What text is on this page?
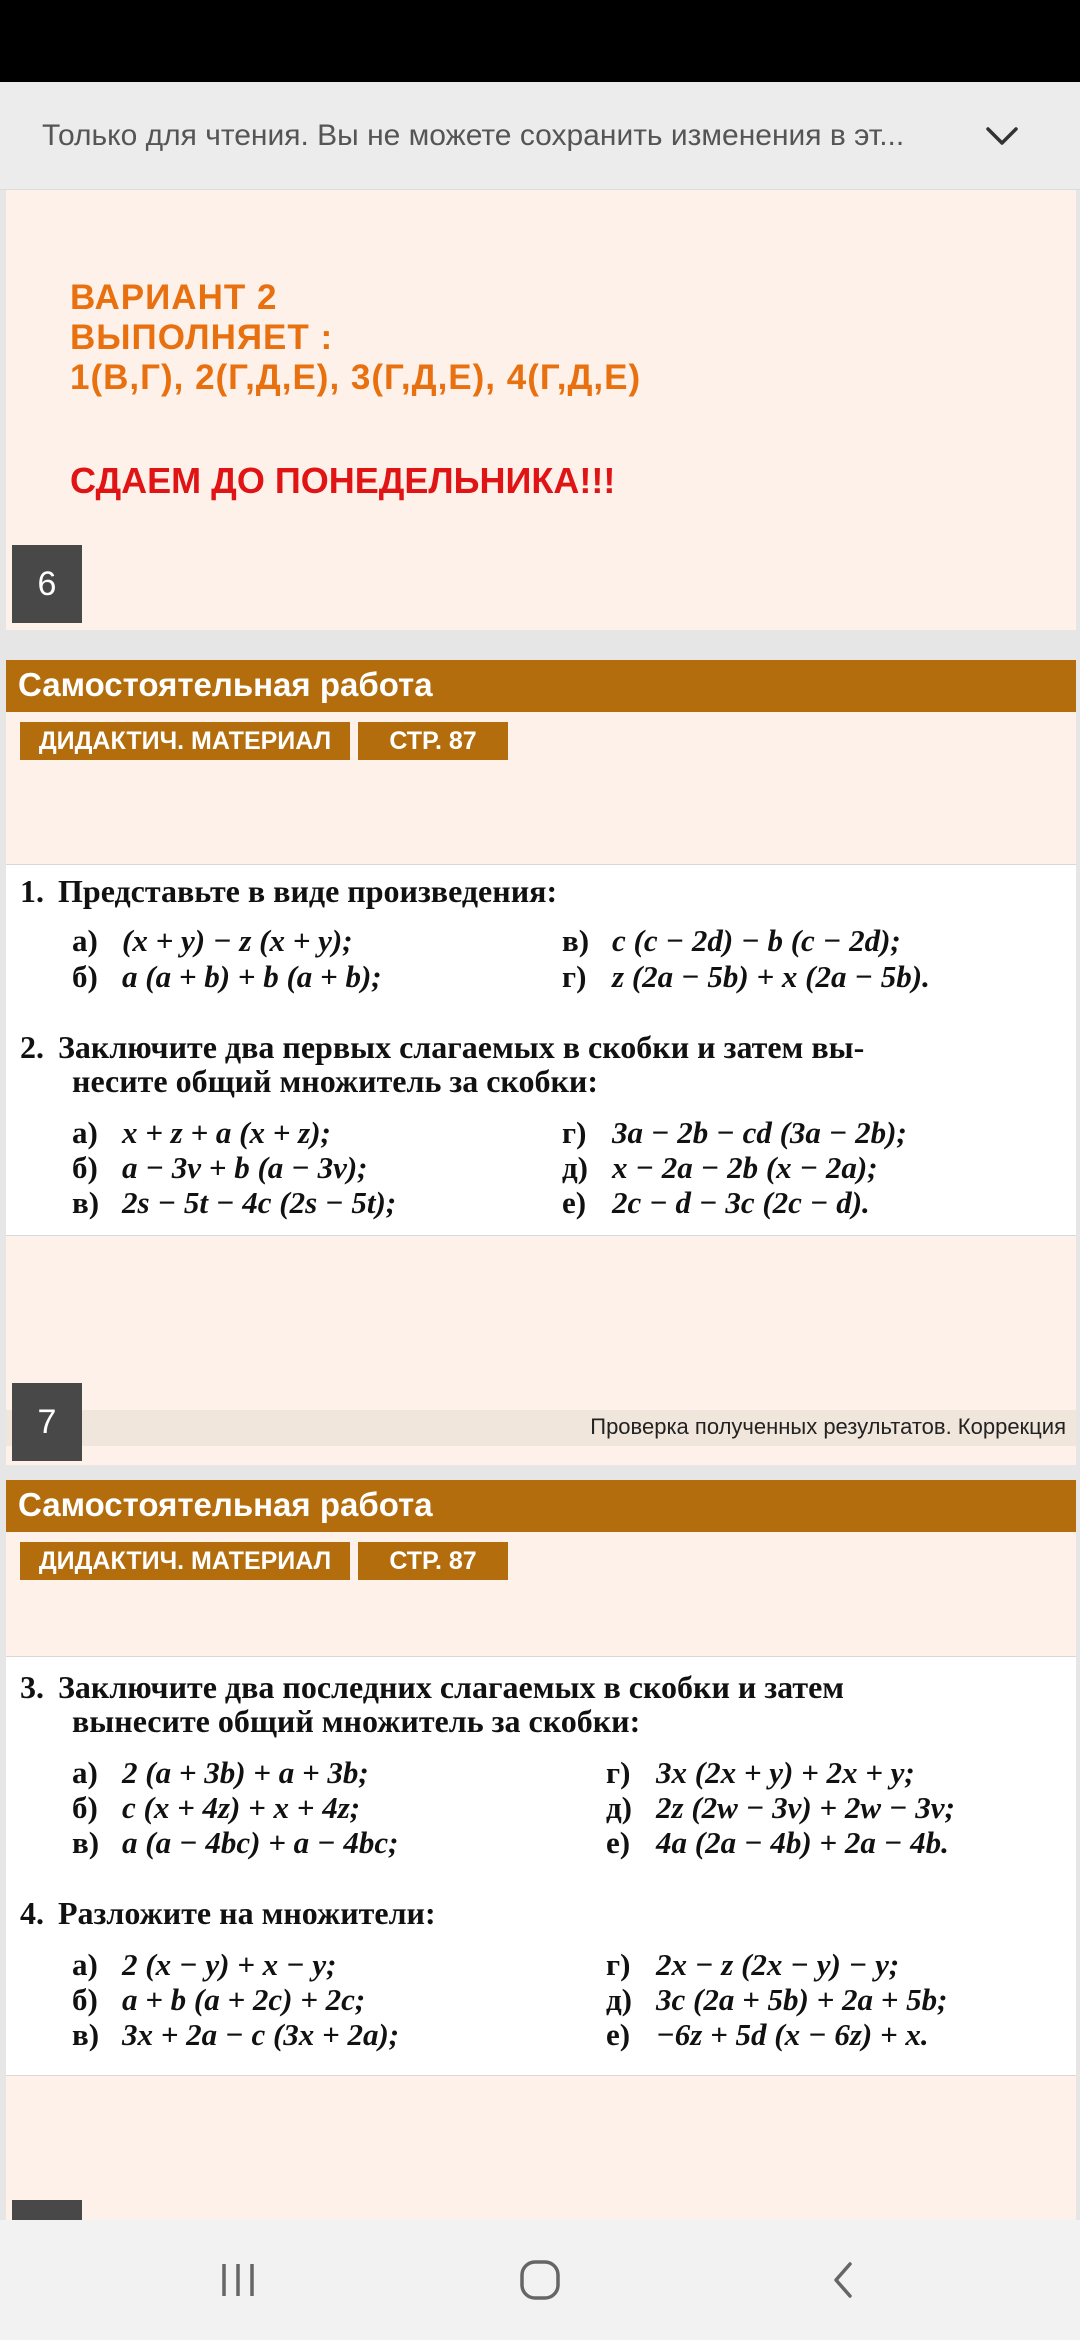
Только для чтения. Вы не можете сохранить изменения в эт...
ВАРИАНТ 2
ВЫПОЛНЯЕТ :
1(В,Г), 2(Г,Д,Е), 3(Г,Д,Е), 4(Г,Д,Е)
СДАЕМ ДО ПОНЕДЕЛЬНИКА!!!
6
Самостоятельная работа
ДИДАКТИЧ. МАТЕРИАЛ	СТР. 87
1. Представьте в виде произведения:
а) (x + y) − z (x + y);
б) a (a + b) + b (a + b);
в) c (c − 2d) − b (c − 2d);
г) z (2a − 5b) + x (2a − 5b).
2. Заключите два первых слагаемых в скобки и затем вы-
несите общий множитель за скобки:
а) x + z + a (x + z);
б) a − 3v + b (a − 3v);
в) 2s − 5t − 4c (2s − 5t);
г) 3a − 2b − cd (3a − 2b);
д) x − 2a − 2b (x − 2a);
е) 2c − d − 3c (2c − d).
Проверка полученных результатов. Коррекция
7
Самостоятельная работа
ДИДАКТИЧ. МАТЕРИАЛ	СТР. 87
3. Заключите два последних слагаемых в скобки и затем
вынесите общий множитель за скобки:
а) 2 (a + 3b) + a + 3b;
б) c (x + 4z) + x + 4z;
в) a (a − 4bc) + a − 4bc;
г) 3x (2x + y) + 2x + y;
д) 2z (2w − 3v) + 2w − 3v;
е) 4a (2a − 4b) + 2a − 4b.
4. Разложите на множители:
а) 2 (x − y) + x − y;
б) a + b (a + 2c) + 2c;
в) 3x + 2a − c (3x + 2a);
г) 2x − z (2x − y) − y;
д) 3c (2a + 5b) + 2a + 5b;
е) −6z + 5d (x − 6z) + x.
